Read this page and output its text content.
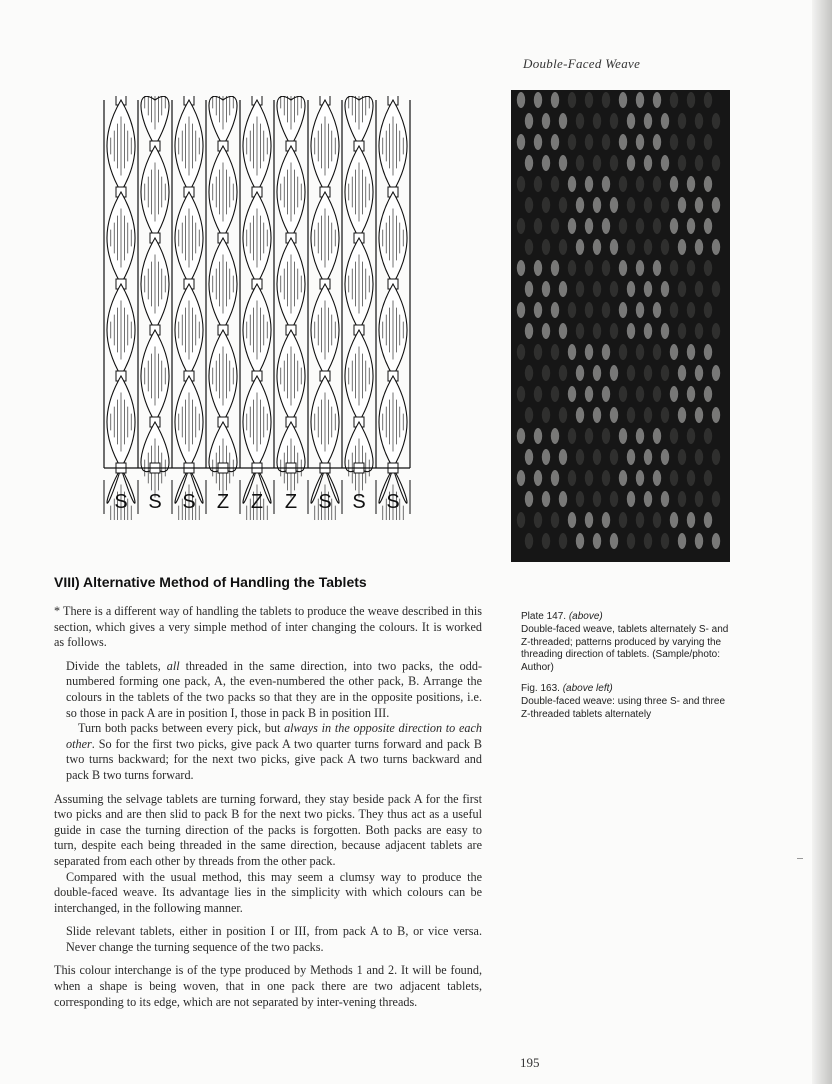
Double-Faced Weave
S S S Z Z Z S S S
VIII) Alternative Method of Handling the Tablets

* There is a different way of handling the tablets to produce the weave described in this section, which gives a very simple method of inter changing the colours. It is worked as follows.

Divide the tablets, all threaded in the same direction, into two packs, the odd-numbered forming one pack, A, the even-numbered the other pack, B. Arrange the colours in the tablets of the two packs so that they are in the opposite positions, i.e. so those in pack A are in position I, those in pack B in position III.

Turn both packs between every pick, but always in the opposite direction to each other. So for the first two picks, give pack A two quarter turns forward and pack B two turns backward; for the next two picks, give pack A two turns backward and pack B two turns forward.

Assuming the selvage tablets are turning forward, they stay beside pack A for the first two picks and are then slid to pack B for the next two picks. They thus act as a useful guide in case the turning direction of the packs is forgotten. Both packs are easy to turn, despite each being threaded in the same direction, because adjacent tablets are separated from each other by threads from the other pack.

Compared with the usual method, this may seem a clumsy way to produce the double-faced weave. Its advantage lies in the simplicity with which colours can be interchanged, in the following manner.

Slide relevant tablets, either in position I or III, from pack A to B, or vice versa. Never change the turning sequence of the two packs.

This colour interchange is of the type produced by Methods 1 and 2. It will be found, when a shape is being woven, that in one pack there are two adjacent tablets, corresponding to its edge, which are not separated by inter-vening threads.

Plate 147. (above)
Double-faced weave, tablets alternately S- and Z-threaded; patterns produced by varying the threading direction of tablets. (Sample/photo: Author)
Fig. 163. (above left)
Double-faced weave: using three S- and three Z-threaded tablets alternately
195
